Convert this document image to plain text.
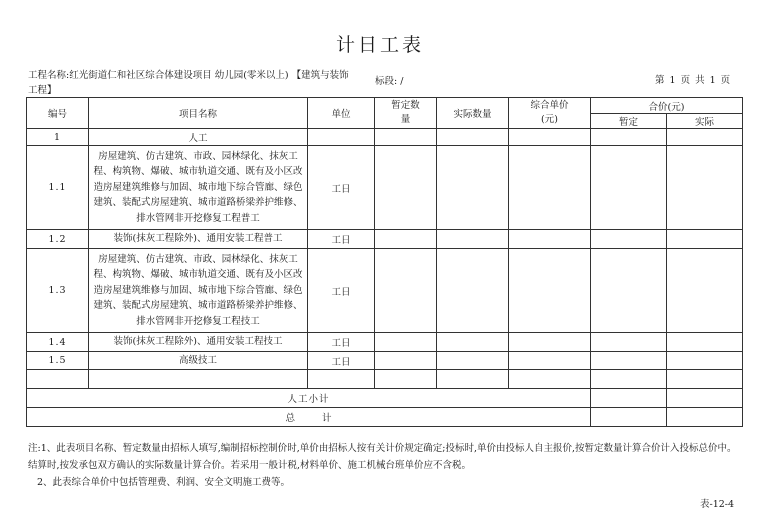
计日工表
工程名称:红光街道仁和社区综合体建设项目 幼儿园(零米以上) 【建筑与装饰工程】
标段: /	第 1 页 共 1 页
编号	项目名称	单位	暂定数量	实际数量	综合单价(元)	合价(元)	
						暂定	实际
1	人工						
1.1	房屋建筑、仿古建筑、市政、园林绿化、抹灰工程、构筑物、爆破、城市轨道交通、既有及小区改造房屋建筑维修与加固、城市地下综合管廊、绿色建筑、装配式房屋建筑、城市道路桥梁养护维修、排水管网非开挖修复工程普工	工日					
1.2	装饰(抹灰工程除外)、通用安装工程普工	工日					
1.3	房屋建筑、仿古建筑、市政、园林绿化、抹灰工程、构筑物、爆破、城市轨道交通、既有及小区改造房屋建筑维修与加固、城市地下综合管廊、绿色建筑、装配式房屋建筑、城市道路桥梁养护维修、排水管网非开挖修复工程技工	工日					
1.4	装饰(抹灰工程除外)、通用安装工程技工	工日					
1.5	高级技工	工日					

人工小计							
总 计							

注:1、此表项目名称、暂定数量由招标人填写,编制招标控制价时,单价由招标人按有关计价规定确定;投标时,单价由投标人自主报价,按暂定数量计算合价计入投标总价中。结算时,按发承包双方确认的实际数量计算合价。若采用一般计税,材料单价、施工机械台班单价应不含税。

2、此表综合单价中包括管理费、利润、安全文明施工费等。

表-12-4
